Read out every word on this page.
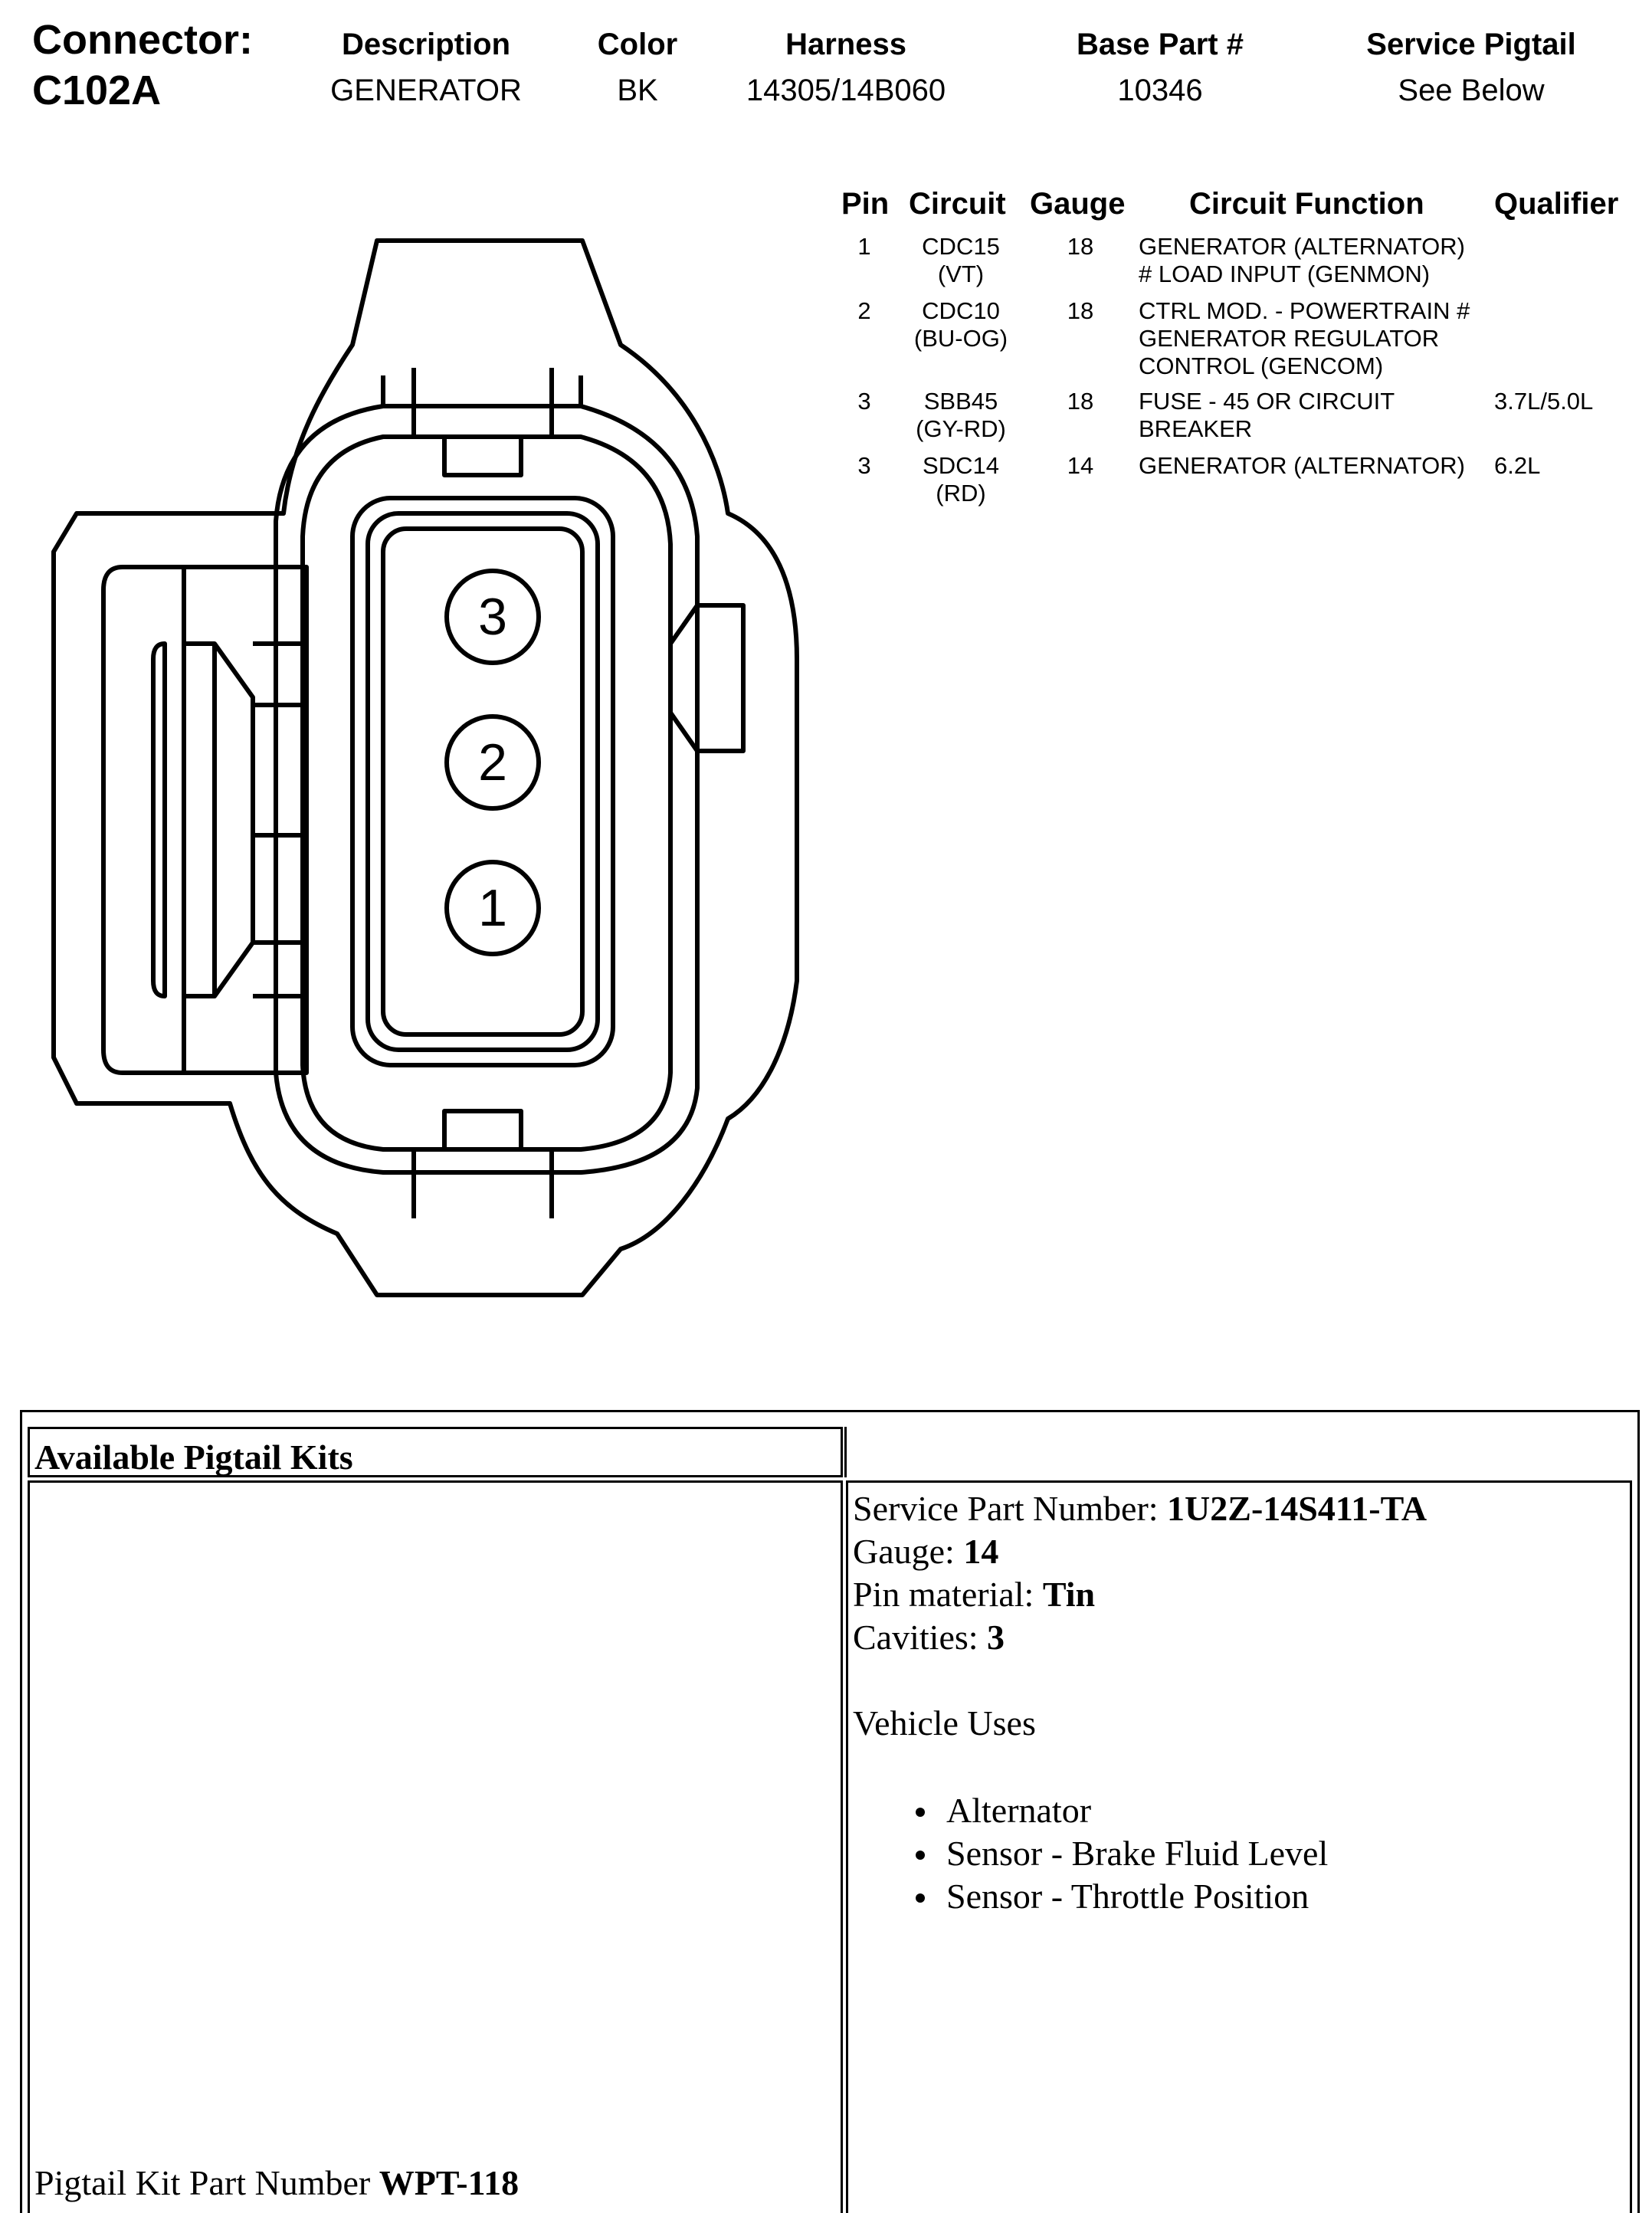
Connector:
C102A
Description
GENERATOR
Color
BK
Harness
14305/14B060
Base Part #
10346
Service Pigtail
See Below
Pin Circuit Gauge Circuit Function Qualifier
1 CDC15
(VT)
18 GENERATOR (ALTERNATOR)
# LOAD INPUT (GENMON)
2	CDC10
(BU-OG)
18 CTRL MOD. - POWERTRAIN #
GENERATOR REGULATOR
CONTROL (GENCOM)
3	SBB45
(GY-RD)
18 FUSE - 45 OR CIRCUIT
BREAKER
3.7L/5.0L
3 SDC14
(RD)
14 GENERATOR (ALTERNATOR) 6.2L
3
2
1
Available Pigtail Kits
Pigtail Kit Part Number WPT-118
Service Part Number: 1U2Z-14S411-TA
Gauge: 14
Pin material: Tin
Cavities: 3
Vehicle Uses
Alternator
Sensor - Brake Fluid Level
Sensor - Throttle Position
